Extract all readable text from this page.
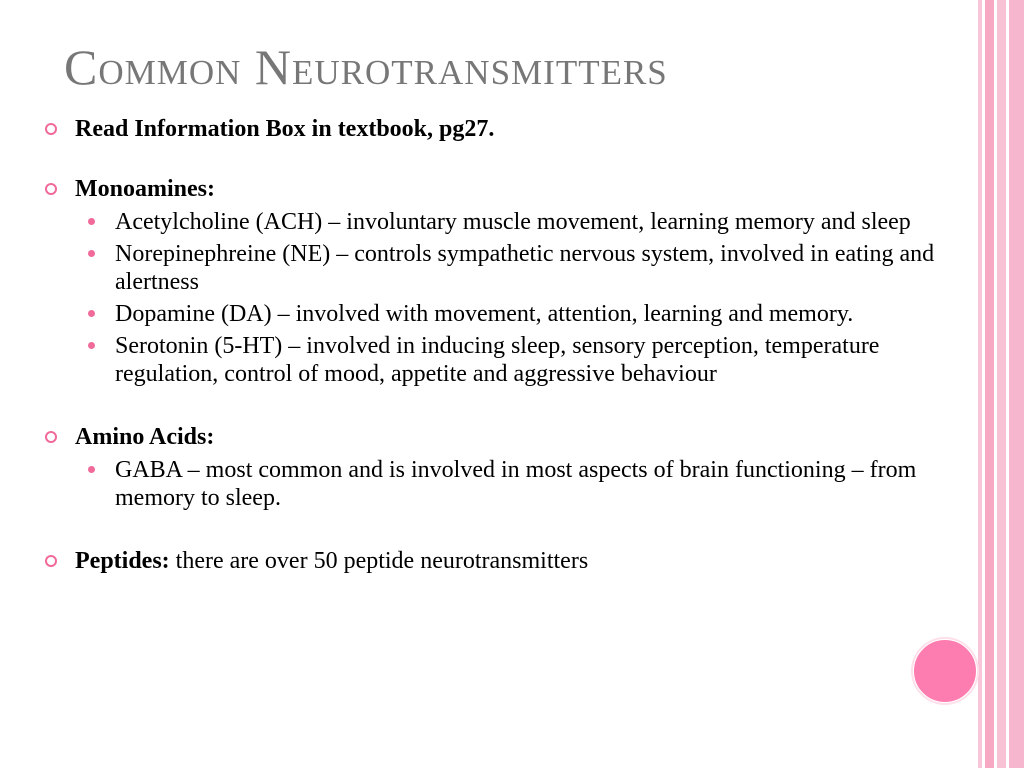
Common Neurotransmitters
Read Information Box in textbook, pg27.
Monoamines:
Acetylcholine (ACH) – involuntary muscle movement, learning memory and sleep
Norepinephreine (NE) – controls sympathetic nervous system, involved in eating and alertness
Dopamine (DA) – involved with movement, attention, learning and memory.
Serotonin (5-HT) – involved in inducing sleep, sensory perception, temperature regulation, control of mood, appetite and aggressive behaviour
Amino Acids:
GABA – most common and is involved in most aspects of brain functioning – from memory to sleep.
Peptides: there are over 50 peptide neurotransmitters
